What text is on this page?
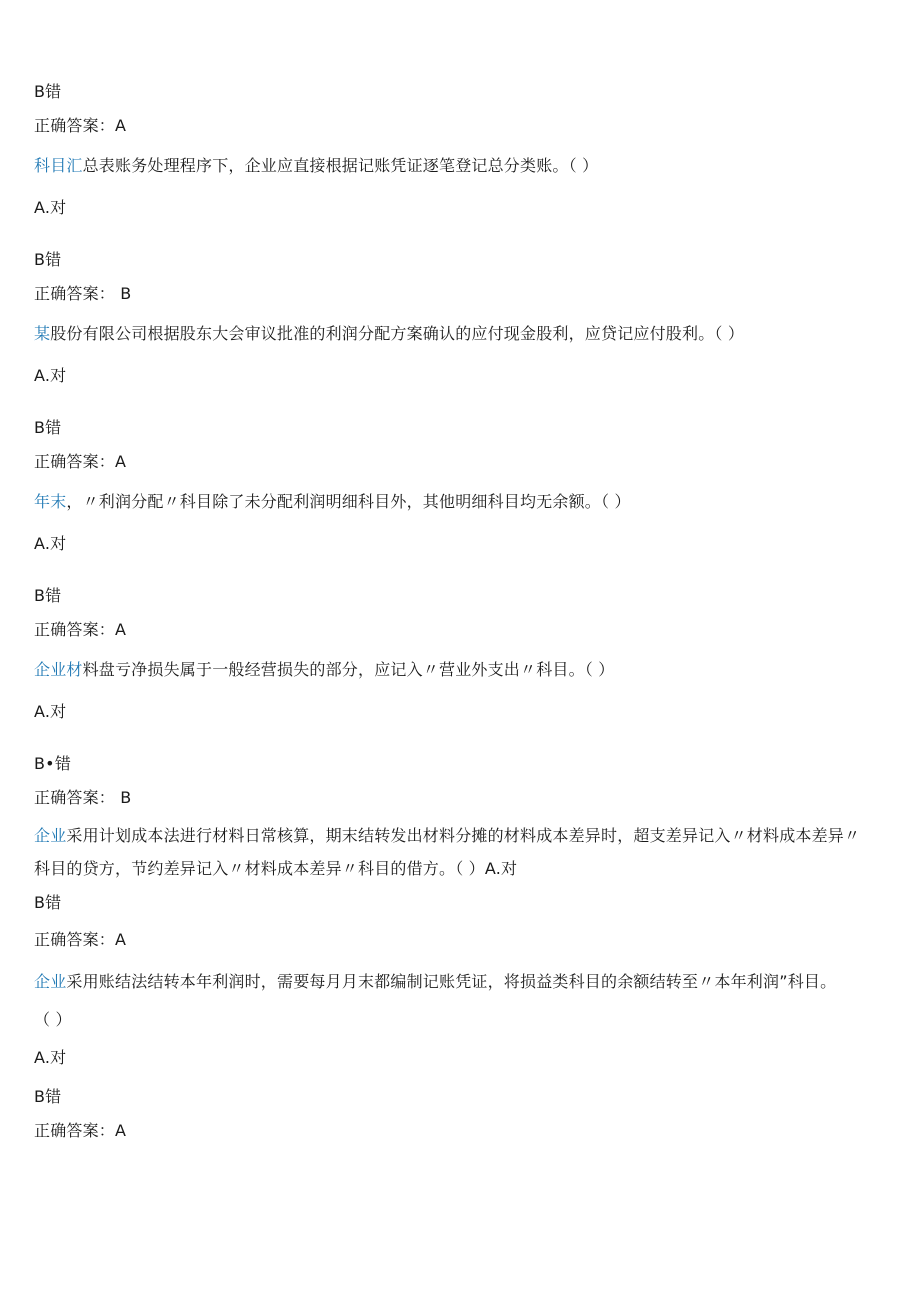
B错
正确答案：A
科目汇总表账务处理程序下，企业应直接根据记账凭证逐笔登记总分类账。（ ）
A.对
B错
正确答案： B
某股份有限公司根据股东大会审议批准的利润分配方案确认的应付现金股利，应贷记应付股利。（ ）
A.对
B错
正确答案：A
年末，〃利润分配〃科目除了未分配利润明细科目外，其他明细科目均无余额。（ ）
A.对
B错
正确答案：A
企业材料盘亏净损失属于一般经营损失的部分，应记入〃营业外支出〃科目。（ ）
A.对
B•错
正确答案： B
企业采用计划成本法进行材料日常核算，期末结转发出材料分摊的材料成本差异时，超支差异记入〃材料成本差异〃
科目的贷方，节约差异记入〃材料成本差异〃科目的借方。（ ）A.对
B错
正确答案：A
企业采用账结法结转本年利润时，需要每月月末都编制记账凭证，将损益类科目的余额结转至〃本年利润”科目。
（ ）
A.对
B错
正确答案：A
